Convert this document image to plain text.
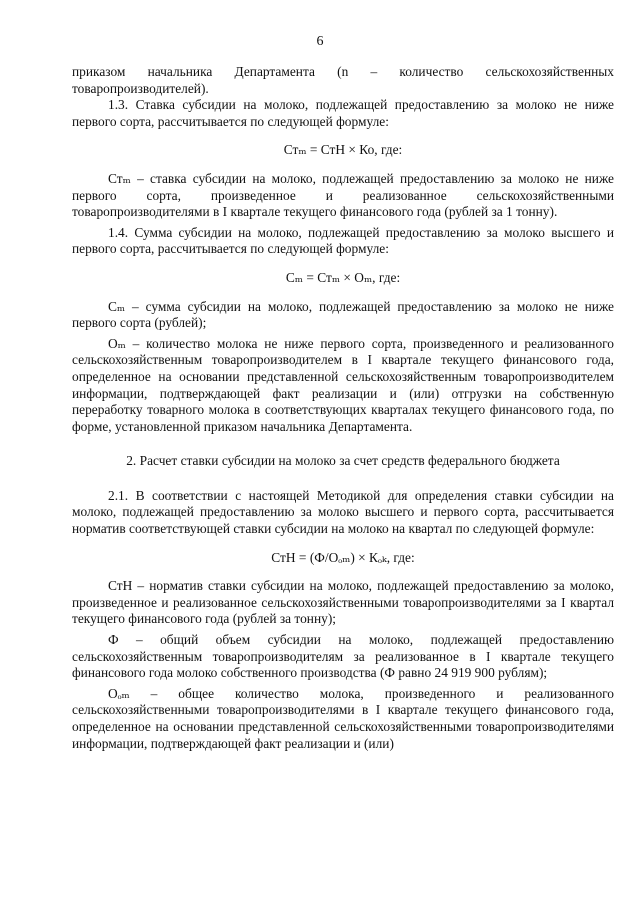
6

приказом начальника Департамента (n – количество сельскохозяйственных товаропроизводителей).

1.3. Ставка субсидии на молоко, подлежащей предоставлению за молоко не ниже первого сорта, рассчитывается по следующей формуле:

Стₘ = СтН × Ко, где:

Стₘ – ставка субсидии на молоко, подлежащей предоставлению за молоко не ниже первого сорта, произведенное и реализованное сельскохозяйственными товаропроизводителями в I квартале текущего финансового года (рублей за 1 тонну).

1.4. Сумма субсидии на молоко, подлежащей предоставлению за молоко высшего и первого сорта, рассчитывается по следующей формуле:

Сₘ = Стₘ × Оₘ, где:

Сₘ – сумма субсидии на молоко, подлежащей предоставлению за молоко не ниже первого сорта (рублей);

Оₘ – количество молока не ниже первого сорта, произведенного и реализованного сельскохозяйственным товаропроизводителем в I квартале текущего финансового года, определенное на основании представленной сельскохозяйственным товаропроизводителем информации, подтверждающей факт реализации и (или) отгрузки на собственную переработку товарного молока в соответствующих кварталах текущего финансового года, по форме, установленной приказом начальника Департамента.

2. Расчет ставки субсидии на молоко за счет средств федерального бюджета

2.1. В соответствии с настоящей Методикой для определения ставки субсидии на молоко, подлежащей предоставлению за молоко высшего и первого сорта, рассчитывается норматив соответствующей ставки субсидии на молоко на квартал по следующей формуле:

СтН = (Ф/Оₒₘ) × Кₒₖ, где:

СтН – норматив ставки субсидии на молоко, подлежащей предоставлению за молоко, произведенное и реализованное сельскохозяйственными товаропроизводителями за I квартал текущего финансового года (рублей за тонну);

Ф – общий объем субсидии на молоко, подлежащей предоставлению сельскохозяйственным товаропроизводителям за реализованное в I квартале текущего финансового года молоко собственного производства (Ф равно 24 919 900 рублям);

Оₒₘ – общее количество молока, произведенного и реализованного сельскохозяйственными товаропроизводителями в I квартале текущего финансового года, определенное на основании представленной сельскохозяйственными товаропроизводителями информации, подтверждающей факт реализации и (или)
